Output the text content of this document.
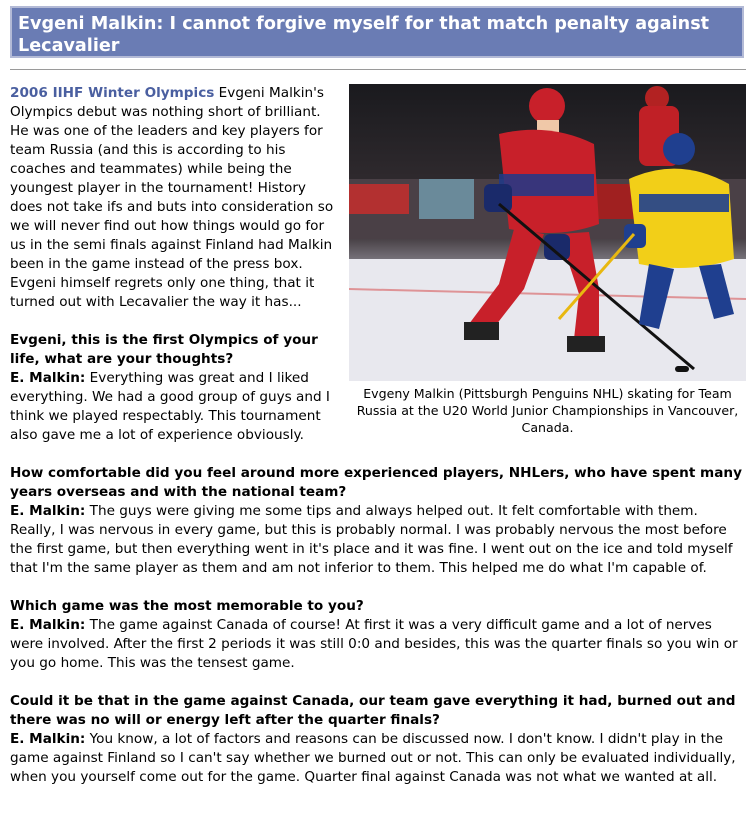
Evgeni Malkin: I cannot forgive myself for that match penalty against Lecavalier
Evgeny Malkin (Pittsburgh Penguins NHL) skating for Team Russia at the U20 World Junior Championships in Vancouver, Canada.

2006 IIHF Winter Olympics Evgeni Malkin's Olympics debut was nothing short of brilliant. He was one of the leaders and key players for team Russia (and this is according to his coaches and teammates) while being the youngest player in the tournament! History does not take ifs and buts into consideration so we will never find out how things would go for us in the semi finals against Finland had Malkin been in the game instead of the press box. Evgeni himself regrets only one thing, that it turned out with Lecavalier the way it has...

Evgeni, this is the first Olympics of your life, what are your thoughts?
E. Malkin: Everything was great and I liked everything. We had a good group of guys and I think we played respectably. This tournament also gave me a lot of experience obviously.

How comfortable did you feel around more experienced players, NHLers, who have spent many years overseas and with the national team?
E. Malkin: The guys were giving me some tips and always helped out. It felt comfortable with them. Really, I was nervous in every game, but this is probably normal. I was probably nervous the most before the first game, but then everything went in it's place and it was fine. I went out on the ice and told myself that I'm the same player as them and am not inferior to them. This helped me do what I'm capable of.

Which game was the most memorable to you?
E. Malkin: The game against Canada of course! At first it was a very difficult game and a lot of nerves were involved. After the first 2 periods it was still 0:0 and besides, this was the quarter finals so you win or you go home. This was the tensest game.

Could it be that in the game against Canada, our team gave everything it had, burned out and there was no will or energy left after the quarter finals?
E. Malkin: You know, a lot of factors and reasons can be discussed now. I don't know. I didn't play in the game against Finland so I can't say whether we burned out or not. This can only be evaluated individually, when you yourself come out for the game. Quarter final against Canada was not what we wanted at all.
